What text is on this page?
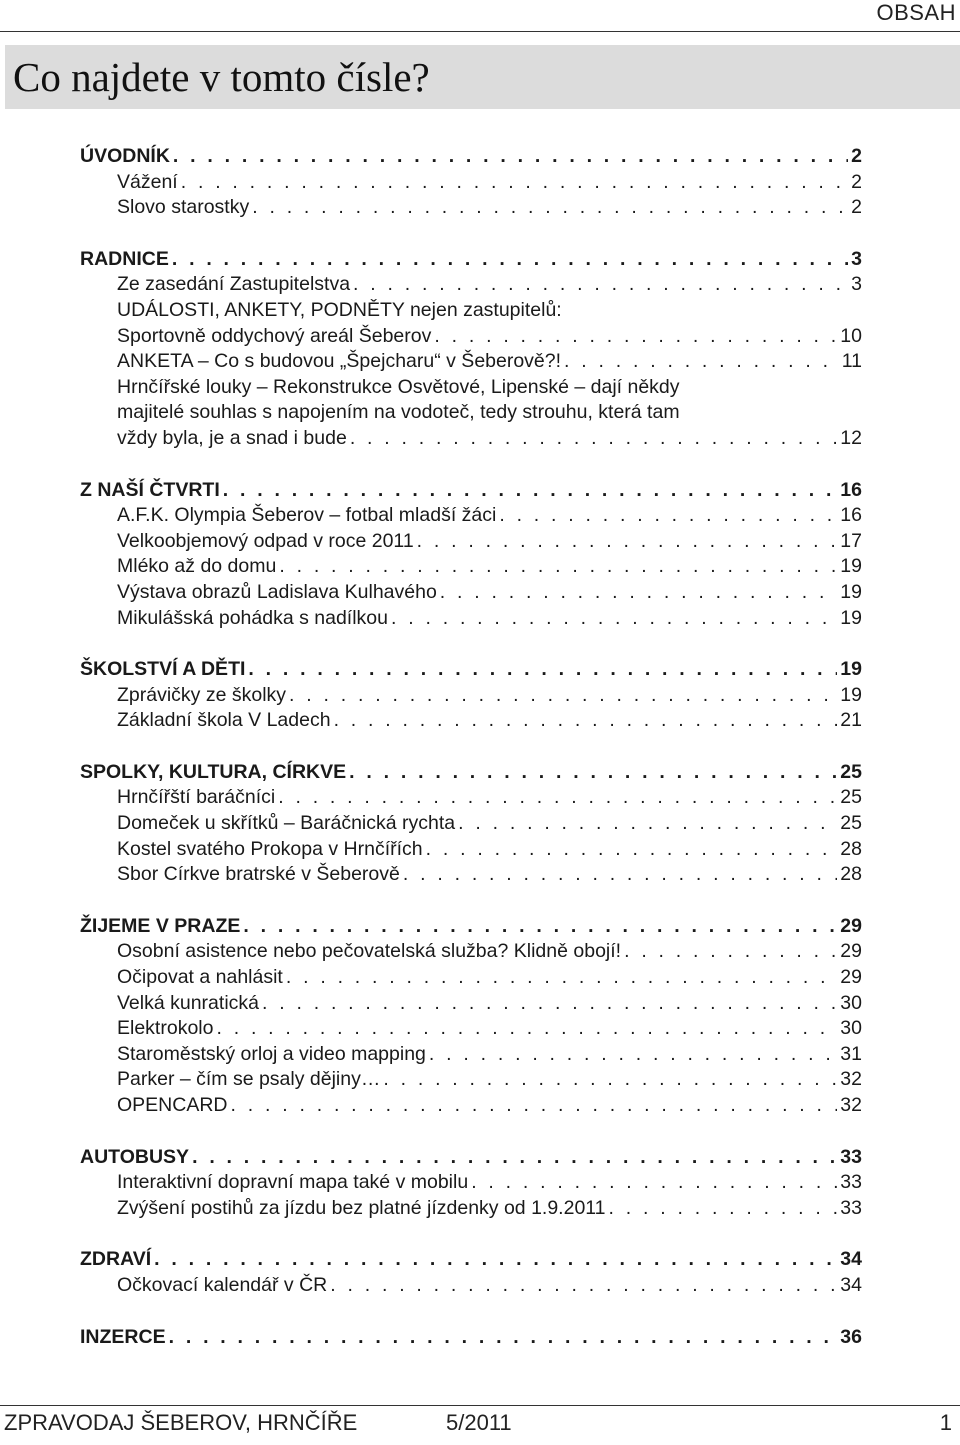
OBSAH
Co najdete v tomto čísle?
ÚVODNÍK . . .	2
Vážení . . .	2
Slovo starostky . . .	2
RADNICE . . .	3
Ze zasedání Zastupitelstva . . .	3
UDÁLOSTI, ANKETY, PODNĚTY nejen zastupitelů:
Sportovně oddychový areál Šeberov . . .	10
ANKETA – Co s budovou „Špejcharu“ v Šeberově?! . . .	11
Hrnčířské louky – Rekonstrukce Osvětové, Lipenské – dají někdy
majitelé souhlas s napojením na vodoteč, tedy strouhu, která tam
vždy byla, je a snad i bude . . .	12
Z NAŠÍ ČTVRTI . . .	16
A.F.K. Olympia Šeberov – fotbal mladší žáci . . .	16
Velkoobjemový odpad v roce 2011 . . .	17
Mléko až do domu . . .	19
Výstava obrazů Ladislava Kulhavého . . .	19
Mikulášská pohádka s nadílkou . . .	19
ŠKOLSTVÍ A DĚTI . . .	19
Zprávičky ze školky . . .	19
Základní škola V Ladech . . .	21
SPOLKY, KULTURA, CÍRKVE . . .	25
Hrnčířští baráčníci . . .	25
Domeček u skřítků – Baráčnická rychta . . .	25
Kostel svatého Prokopa v Hrnčířích . . .	28
Sbor Církve bratrské v Šeberově . . .	28
ŽIJEME V PRAZE . . .	29
Osobní asistence nebo pečovatelská služba? Klidně obojí! . . .	29
Očipovat a nahlásit . . .	29
Velká kunratická . . .	30
Elektrokolo . . .	30
Staroměstský orloj a video mapping . . .	31
Parker – čím se psaly dějiny… . . .	32
OPENCARD . . .	32
AUTOBUSY . . .	33
Interaktivní dopravní mapa také v mobilu . . .	33
Zvýšení postihů za jízdu bez platné jízdenky od 1.9.2011 . . .	33
ZDRAVÍ . . .	34
Očkovací kalendář v ČR . . .	34
INZERCE . . .	36
ZPRAVODAJ ŠEBEROV, HRNČÍŘE	5/2011	1
